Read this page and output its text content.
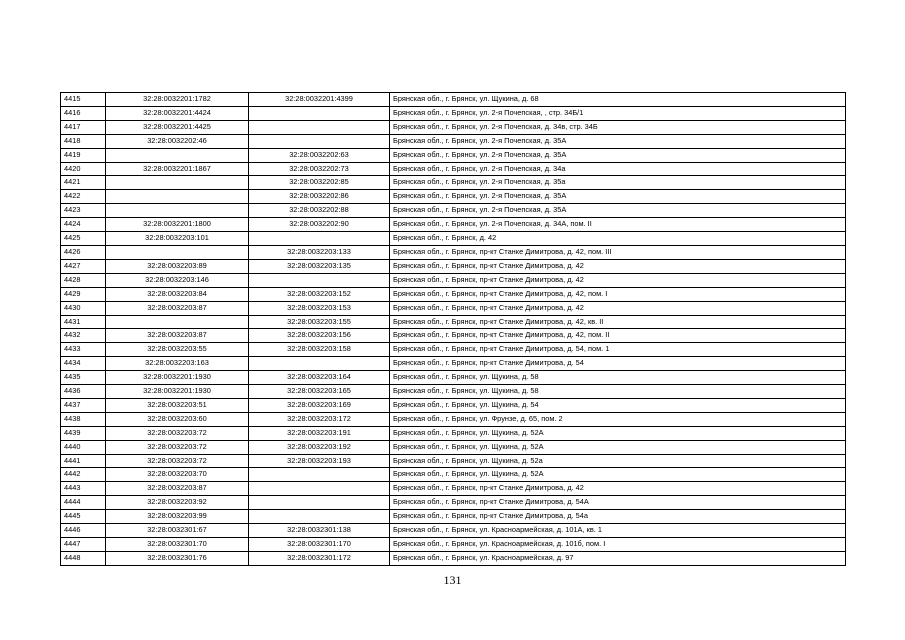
4415	32:28:0032201:1782	32:28:0032201:4399	Брянская обл., г. Брянск, ул. Щукина, д. 68
4416	32:28:0032201:4424		Брянская обл., г. Брянск, ул. 2-я Почепская, , стр. 34Б/1
4417	32:28:0032201:4425		Брянская обл., г. Брянск, ул. 2-я Почепская, д. 34в, стр. 34Б
4418	32:28:0032202:46		Брянская обл., г. Брянск, ул. 2-я Почепская, д. 35А
4419		32:28:0032202:63	Брянская обл., г. Брянск, ул. 2-я Почепская, д. 35А
4420	32:28:0032201:1867	32:28:0032202:73	Брянская обл., г. Брянск, ул. 2-я Почепская, д. 34а
4421		32:28:0032202:85	Брянская обл., г. Брянск, ул. 2-я Почепская, д. 35а
4422		32:28:0032202:86	Брянская обл., г. Брянск, ул. 2-я Почепская, д. 35А
4423		32:28:0032202:88	Брянская обл., г. Брянск, ул. 2-я Почепская, д. 35А
4424	32:28:0032201:1800	32:28:0032202:90	Брянская обл., г. Брянск, ул. 2-я Почепская, д. 34А, пом. II
4425	32:28:0032203:101		Брянская обл., г. Брянск, д. 42
4426		32:28:0032203:133	Брянская обл., г. Брянск, пр-кт Станке Димитрова, д. 42, пом. III
4427	32:28:0032203:89	32:28:0032203:135	Брянская обл., г. Брянск, пр-кт Станке Димитрова, д. 42
4428	32:28:0032203:146		Брянская обл., г. Брянск, пр-кт Станке Димитрова, д. 42
4429	32:28:0032203:84	32:28:0032203:152	Брянская обл., г. Брянск, пр-кт Станке Димитрова, д. 42, пом. I
4430	32:28:0032203:87	32:28:0032203:153	Брянская обл., г. Брянск, пр-кт Станке Димитрова, д. 42
4431		32:28:0032203:155	Брянская обл., г. Брянск, пр-кт Станке Димитрова, д. 42, кв. II
4432	32:28:0032203:87	32:28:0032203:156	Брянская обл., г. Брянск, пр-кт Станке Димитрова, д. 42, пом. II
4433	32:28:0032203:55	32:28:0032203:158	Брянская обл., г. Брянск, пр-кт Станке Димитрова, д. 54, пом. 1
4434	32:28:0032203:163		Брянская обл., г. Брянск, пр-кт Станке Димитрова, д. 54
4435	32:28:0032201:1930	32:28:0032203:164	Брянская обл., г. Брянск, ул. Щукина, д. 58
4436	32:28:0032201:1930	32:28:0032203:165	Брянская обл., г. Брянск, ул. Щукина, д. 58
4437	32:28:0032203:51	32:28:0032203:169	Брянская обл., г. Брянск, ул. Щукина, д. 54
4438	32:28:0032203:60	32:28:0032203:172	Брянская обл., г. Брянск, ул. Фрунзе, д. 65, пом. 2
4439	32:28:0032203:72	32:28:0032203:191	Брянская обл., г. Брянск, ул. Щукина, д. 52А
4440	32:28:0032203:72	32:28:0032203:192	Брянская обл., г. Брянск, ул. Щукина, д. 52А
4441	32:28:0032203:72	32:28:0032203:193	Брянская обл., г. Брянск, ул. Щукина, д. 52а
4442	32:28:0032203:70		Брянская обл., г. Брянск, ул. Щукина, д. 52А
4443	32:28:0032203:87		Брянская обл., г. Брянск, пр-кт Станке Димитрова, д. 42
4444	32:28:0032203:92		Брянская обл., г. Брянск, пр-кт Станке Димитрова, д. 54А
4445	32:28:0032203:99		Брянская обл., г. Брянск, пр-кт Станке Димитрова, д. 54а
4446	32:28:0032301:67	32:28:0032301:138	Брянская обл., г. Брянск, ул. Красноармейская, д. 101А, кв. 1
4447	32:28:0032301:70	32:28:0032301:170	Брянская обл., г. Брянск, ул. Красноармейская, д. 101б, пом. I
4448	32:28:0032301:76	32:28:0032301:172	Брянская обл., г. Брянск, ул. Красноармейская, д. 97
131
